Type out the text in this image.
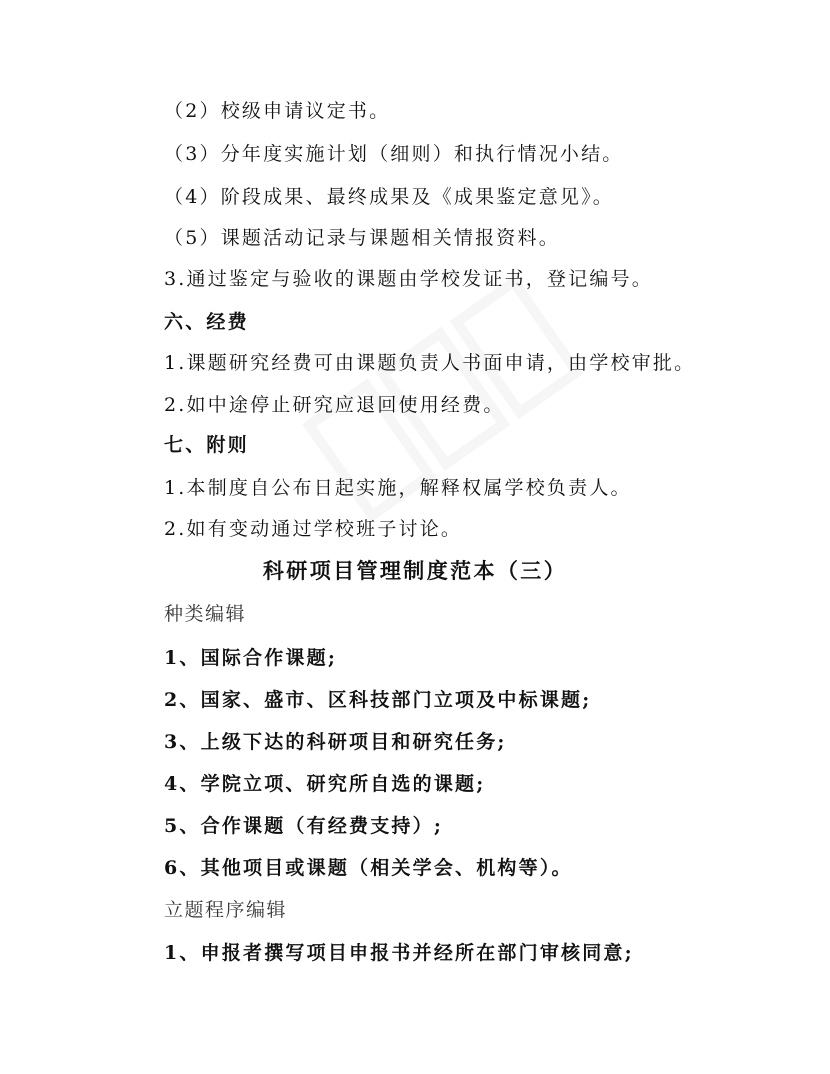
（2）校级申请议定书。
（3）分年度实施计划（细则）和执行情况小结。
（4）阶段成果、最终成果及《成果鉴定意见》。
（5）课题活动记录与课题相关情报资料。
3.通过鉴定与验收的课题由学校发证书，登记编号。
六、经费
1.课题研究经费可由课题负责人书面申请，由学校审批。
2.如中途停止研究应退回使用经费。
七、附则
1.本制度自公布日起实施，解释权属学校负责人。
2.如有变动通过学校班子讨论。
科研项目管理制度范本（三）
种类编辑
1、国际合作课题;
2、国家、盛市、区科技部门立项及中标课题;
3、上级下达的科研项目和研究任务;
4、学院立项、研究所自选的课题;
5、合作课题（有经费支持）;
6、其他项目或课题（相关学会、机构等）。
立题程序编辑
1、申报者撰写项目申报书并经所在部门审核同意;
